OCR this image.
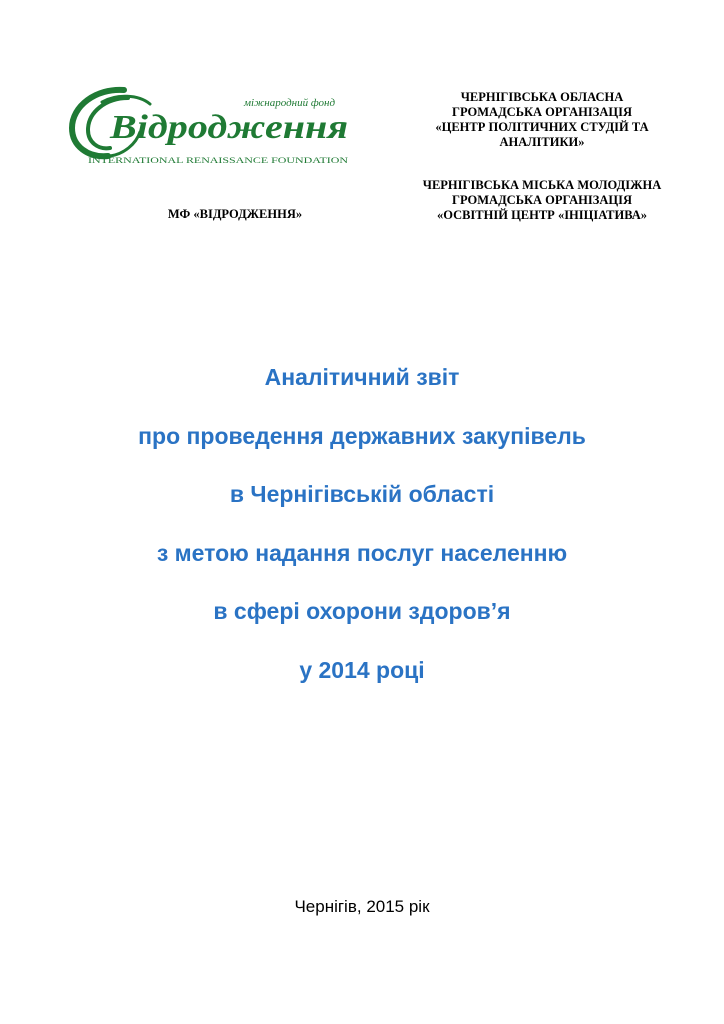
міжнародний фонд
Відродження
INTERNATIONAL RENAISSANCE FOUNDATION
МФ «ВІДРОДЖЕННЯ»
ЧЕРНІГІВСЬКА ОБЛАСНА
ГРОМАДСЬКА ОРГАНІЗАЦІЯ
«ЦЕНТР ПОЛІТИЧНИХ СТУДІЙ ТА
АНАЛІТИКИ»
ЧЕРНІГІВСЬКА МІСЬКА МОЛОДІЖНА
ГРОМАДСЬКА ОРГАНІЗАЦІЯ
«ОСВІТНІЙ ЦЕНТР «ІНІЦІАТИВА»
Аналітичний звіт
про проведення державних закупівель
в Чернігівській області
з метою надання послуг населенню
в сфері охорони здоров’я
у 2014 році
Чернігів, 2015 рік
